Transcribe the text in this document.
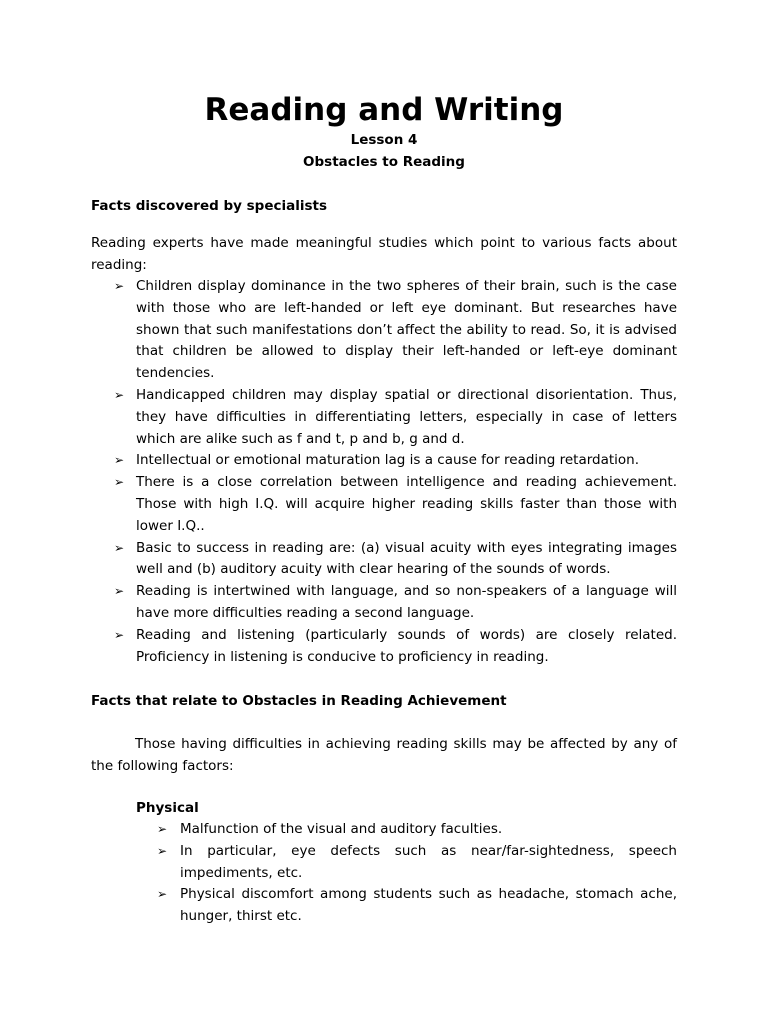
Reading and Writing

Lesson 4

Obstacles to Reading

Facts discovered by specialists

Reading experts have made meaningful studies which point to various facts about reading:

➢ Children display dominance in the two spheres of their brain, such is the case with those who are left-handed or left eye dominant. But researches have shown that such manifestations don’t affect the ability to read. So, it is advised that children be allowed to display their left-handed or left-eye dominant tendencies.
➢ Handicapped children may display spatial or directional disorientation. Thus, they have difficulties in differentiating letters, especially in case of letters which are alike such as f and t, p and b, g and d.
➢ Intellectual or emotional maturation lag is a cause for reading retardation.
➢ There is a close correlation between intelligence and reading achievement. Those with high I.Q. will acquire higher reading skills faster than those with lower I.Q..
➢ Basic to success in reading are: (a) visual acuity with eyes integrating images well and (b) auditory acuity with clear hearing of the sounds of words.
➢ Reading is intertwined with language, and so non-speakers of a language will have more difficulties reading a second language.
➢ Reading and listening (particularly sounds of words) are closely related. Proficiency in listening is conducive to proficiency in reading.

Facts that relate to Obstacles in Reading Achievement

Those having difficulties in achieving reading skills may be affected by any of the following factors:

Physical

➢ Malfunction of the visual and auditory faculties.
➢ In particular, eye defects such as near/far-sightedness, speech impediments, etc.
➢ Physical discomfort among students such as headache, stomach ache, hunger, thirst etc.
